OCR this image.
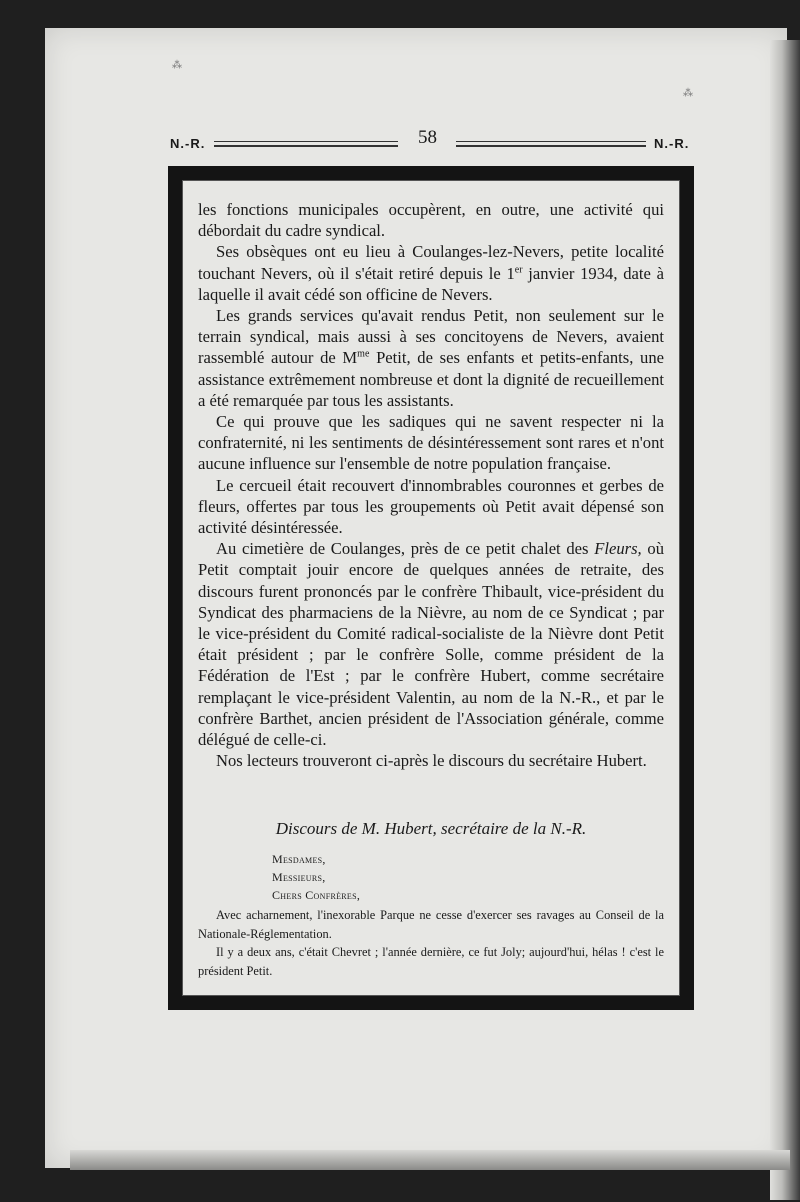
⁂
⁂
N.-R.	58	N.-R.

les fonctions municipales occupèrent, en outre, une activité qui débordait du cadre syndical.

Ses obsèques ont eu lieu à Coulanges-lez-Nevers, petite localité touchant Nevers, où il s'était retiré depuis le 1er janvier 1934, date à laquelle il avait cédé son officine de Nevers.

Les grands services qu'avait rendus Petit, non seulement sur le terrain syndical, mais aussi à ses concitoyens de Nevers, avaient rassemblé autour de $M^{me}$ Petit, de ses enfants et petits-enfants, une assistance extrêmement nombreuse et dont la dignité de recueillement a été remarquée par tous les assistants.

Ce qui prouve que les sadiques qui ne savent respecter ni la confraternité, ni les sentiments de désintéressement sont rares et n'ont aucune influence sur l'ensemble de notre population française.

Le cercueil était recouvert d'innombrables couronnes et gerbes de fleurs, offertes par tous les groupements où Petit avait dépensé son activité désintéressée.

Au cimetière de Coulanges, près de ce petit chalet des Fleurs, où Petit comptait jouir encore de quelques années de retraite, des discours furent prononcés par le confrère Thibault, vice-président du Syndicat des pharmaciens de la Nièvre, au nom de ce Syndicat ; par le vice-président du Comité radical-socialiste de la Nièvre dont Petit était président ; par le confrère Solle, comme président de la Fédération de l'Est ; par le confrère Hubert, comme secrétaire remplaçant le vice-président Valentin, au nom de la N.-R., et par le confrère Barthet, ancien président de l'Association générale, comme délégué de celle-ci.

Nos lecteurs trouveront ci-après le discours du secrétaire Hubert.

Discours de M. Hubert, secrétaire de la N.-R.
Mesdames,
Messieurs,
Chers Confrères,

Avec acharnement, l'inexorable Parque ne cesse d'exercer ses ravages au Conseil de la Nationale-Réglementation.

Il y a deux ans, c'était Chevret ; l'année dernière, ce fut Joly; aujourd'hui, hélas ! c'est le président Petit.
